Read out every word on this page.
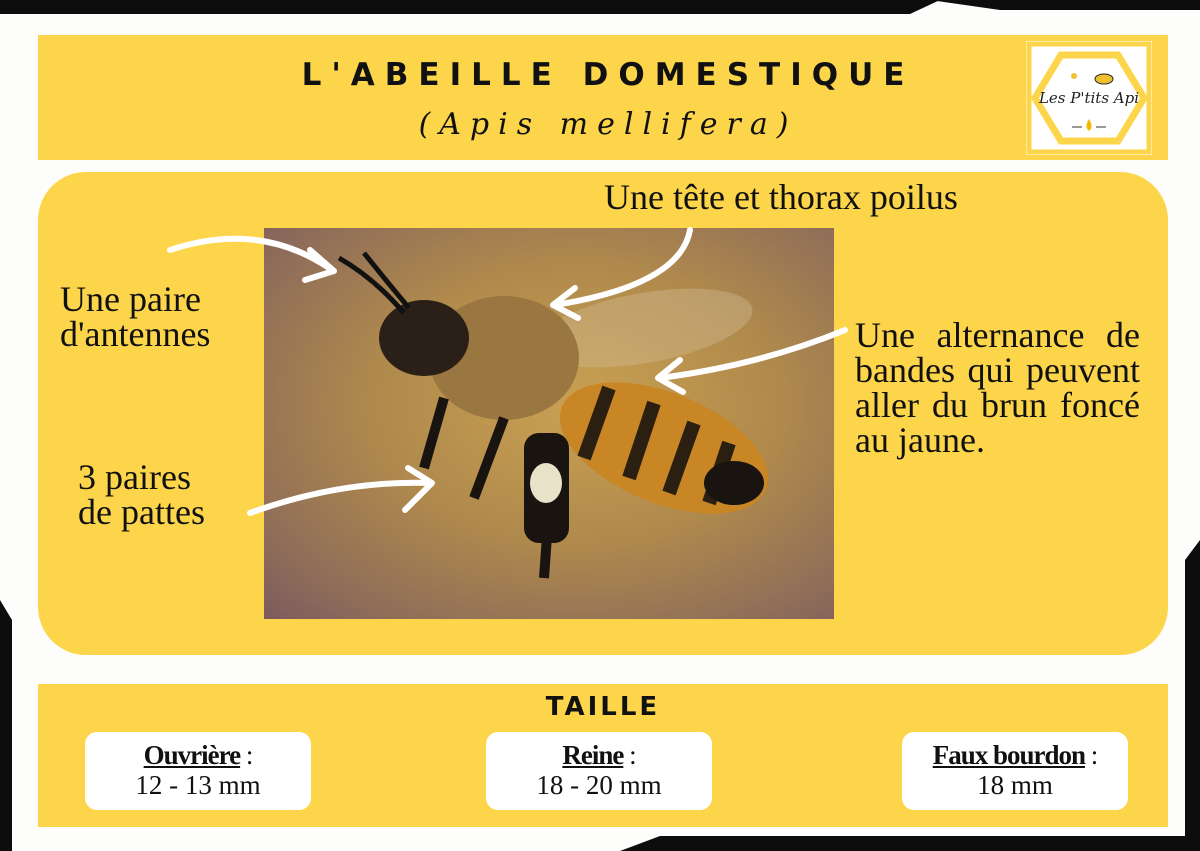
L'ABEILLE DOMESTIQUE
(Apis mellifera)
Les P'tits Api
Une tête et thorax poilus
Une paire
d'antennes
3 paires
de pattes
Une alternance de bandes qui peuvent aller du brun foncé au jaune.
TAILLE
Ouvrière :
12 - 13 mm
Reine :
18 - 20 mm
Faux bourdon :
18 mm
